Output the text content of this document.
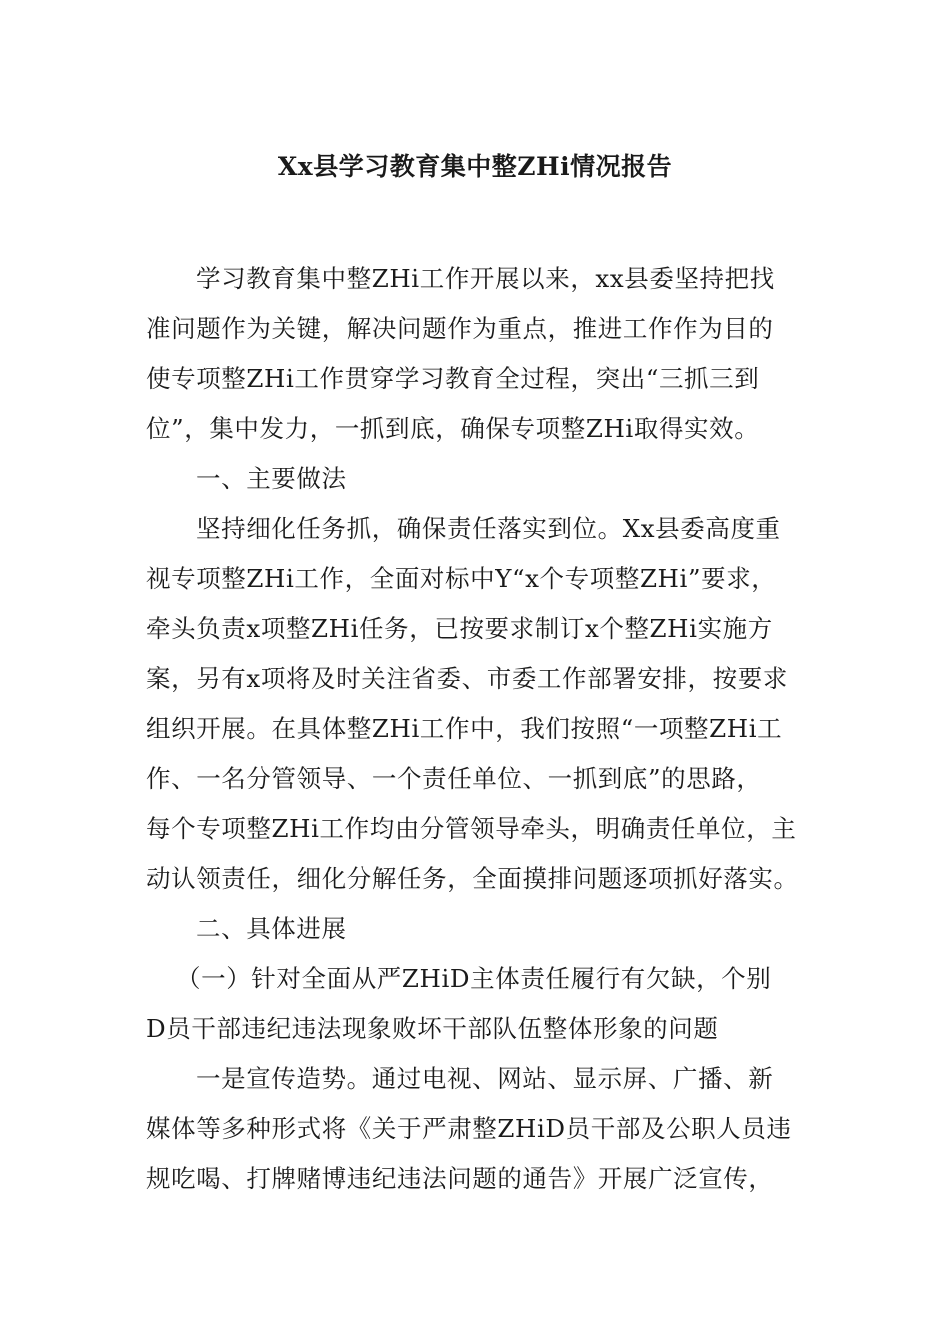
Xx县学习教育集中整ZHi情况报告
学习教育集中整ZHi工作开展以来，xx县委坚持把找
准问题作为关键，解决问题作为重点，推进工作作为目的
使专项整ZHi工作贯穿学习教育全过程，突出“三抓三到
位”，集中发力，一抓到底，确保专项整ZHi取得实效。
一、主要做法
坚持细化任务抓，确保责任落实到位。Xx县委高度重
视专项整ZHi工作，全面对标中Y“x个专项整ZHi”要求，
牵头负责x项整ZHi任务，已按要求制订x个整ZHi实施方
案，另有x项将及时关注省委、市委工作部署安排，按要求
组织开展。在具体整ZHi工作中，我们按照“一项整ZHi工
作、一名分管领导、一个责任单位、一抓到底”的思路，
每个专项整ZHi工作均由分管领导牵头，明确责任单位，主
动认领责任，细化分解任务，全面摸排问题逐项抓好落实。
二、具体进展
（一）针对全面从严ZHiD主体责任履行有欠缺，个别
D员干部违纪违法现象败坏干部队伍整体形象的问题
一是宣传造势。通过电视、网站、显示屏、广播、新
媒体等多种形式将《关于严肃整ZHiD员干部及公职人员违
规吃喝、打牌赌博违纪违法问题的通告》开展广泛宣传，
